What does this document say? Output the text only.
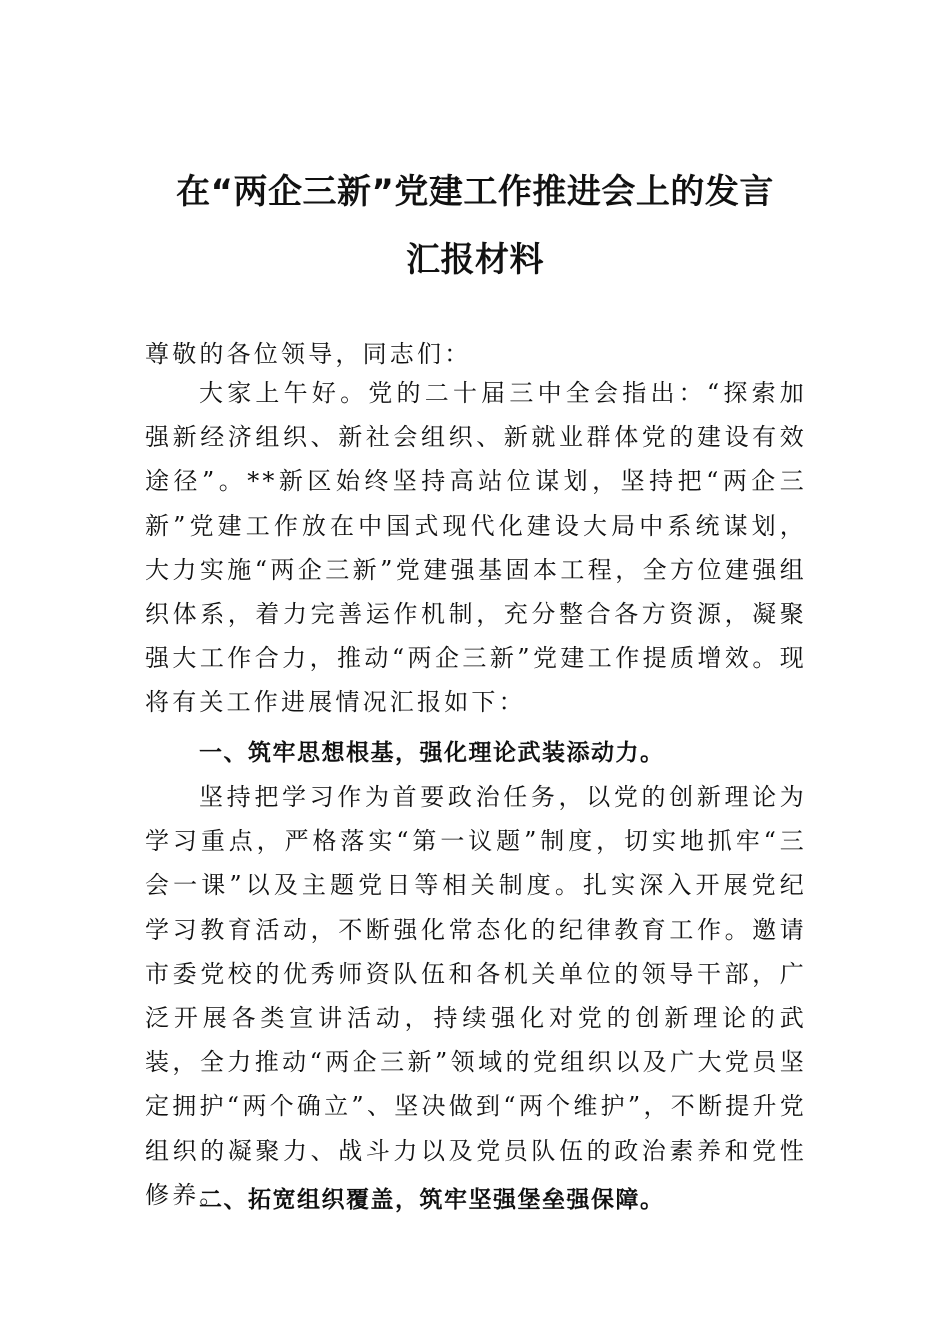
在“两企三新”党建工作推进会上的发言
汇报材料

尊敬的各位领导，同志们：

大家上午好。党的二十届三中全会指出：“探索加强新经济组织、新社会组织、新就业群体党的建设有效途径”。**新区始终坚持高站位谋划，坚持把“两企三新”党建工作放在中国式现代化建设大局中系统谋划，大力实施“两企三新”党建强基固本工程，全方位建强组织体系，着力完善运作机制，充分整合各方资源，凝聚强大工作合力，推动“两企三新”党建工作提质增效。现将有关工作进展情况汇报如下：

一、筑牢思想根基，强化理论武装添动力。

坚持把学习作为首要政治任务，以党的创新理论为学习重点，严格落实“第一议题”制度，切实地抓牢“三会一课”以及主题党日等相关制度。扎实深入开展党纪学习教育活动，不断强化常态化的纪律教育工作。邀请市委党校的优秀师资队伍和各机关单位的领导干部，广泛开展各类宣讲活动，持续强化对党的创新理论的武装，全力推动“两企三新”领域的党组织以及广大党员坚定拥护“两个确立”、坚决做到“两个维护”，不断提升党组织的凝聚力、战斗力以及党员队伍的政治素养和党性修养。

二、拓宽组织覆盖，筑牢坚强堡垒强保障。
